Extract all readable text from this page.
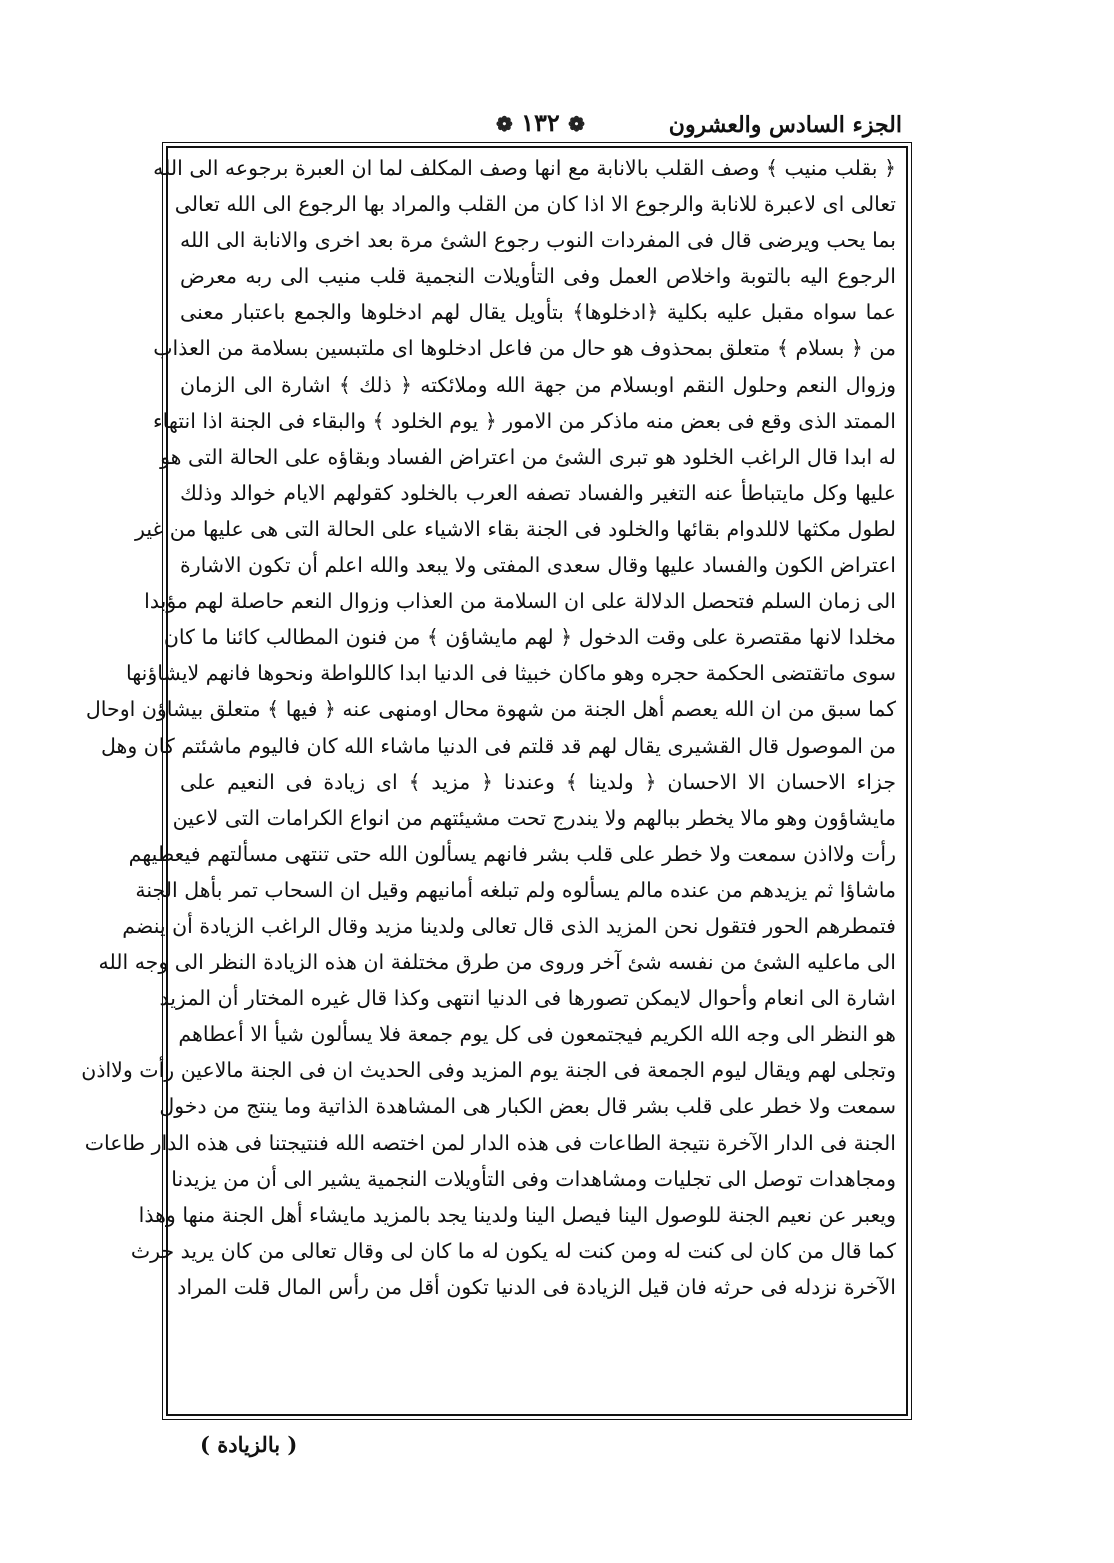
الجزء السادس والعشرون
❁ ١٣٢ ❁
﴿ بقلب منيب ﴾ وصف القلب بالانابة مع انها وصف المكلف لما ان العبرة برجوعه الى الله
تعالى اى لاعبرة للانابة والرجوع الا اذا كان من القلب والمراد بها الرجوع الى الله تعالى
بما يحب ويرضى قال فى المفردات النوب رجوع الشئ مرة بعد اخرى والانابة الى الله
الرجوع اليه بالتوبة واخلاص العمل وفى التأويلات النجمية قلب منيب الى ربه معرض
عما سواه مقبل عليه بكلية ﴿ادخلوها﴾ بتأويل يقال لهم ادخلوها والجمع باعتبار معنى
من ﴿ بسلام ﴾ متعلق بمحذوف هو حال من فاعل ادخلوها اى ملتبسين بسلامة من العذاب
وزوال النعم وحلول النقم اوبسلام من جهة الله وملائكته ﴿ ذلك ﴾ اشارة الى الزمان
الممتد الذى وقع فى بعض منه ماذكر من الامور ﴿ يوم الخلود ﴾ والبقاء فى الجنة اذا انتهاء
له ابدا قال الراغب الخلود هو تبرى الشئ من اعتراض الفساد وبقاؤه على الحالة التى هو
عليها وكل مايتباطأ عنه التغير والفساد تصفه العرب بالخلود كقولهم الايام خوالد وذلك
لطول مكثها لاللدوام بقائها والخلود فى الجنة بقاء الاشياء على الحالة التى هى عليها من غير
اعتراض الكون والفساد عليها وقال سعدى المفتى ولا يبعد والله اعلم أن تكون الاشارة
الى زمان السلم فتحصل الدلالة على ان السلامة من العذاب وزوال النعم حاصلة لهم مؤبدا
مخلدا لانها مقتصرة على وقت الدخول ﴿ لهم مايشاؤن ﴾ من فنون المطالب كائنا ما كان
سوى ماتقتضى الحكمة حجره وهو ماكان خبيثا فى الدنيا ابدا كاللواطة ونحوها فانهم لايشاؤنها
كما سبق من ان الله يعصم أهل الجنة من شهوة محال اومنهى عنه ﴿ فيها ﴾ متعلق بيشاؤن اوحال
من الموصول قال القشيرى يقال لهم قد قلتم فى الدنيا ماشاء الله كان فاليوم ماشئتم كان وهل
جزاء الاحسان الا الاحسان ﴿ ولدينا ﴾ وعندنا ﴿ مزيد ﴾ اى زيادة فى النعيم على
مايشاؤون وهو مالا يخطر ببالهم ولا يندرج تحت مشيئتهم من انواع الكرامات التى لاعين
رأت ولااذن سمعت ولا خطر على قلب بشر فانهم يسألون الله حتى تنتهى مسألتهم فيعطيهم
ماشاؤا ثم يزيدهم من عنده مالم يسألوه ولم تبلغه أمانيهم وقيل ان السحاب تمر بأهل الجنة
فتمطرهم الحور فتقول نحن المزيد الذى قال تعالى ولدينا مزيد وقال الراغب الزيادة أن ينضم
الى ماعليه الشئ من نفسه شئ آخر وروى من طرق مختلفة ان هذه الزيادة النظر الى وجه الله
اشارة الى انعام وأحوال لايمكن تصورها فى الدنيا انتهى وكذا قال غيره المختار أن المزيد
هو النظر الى وجه الله الكريم فيجتمعون فى كل يوم جمعة فلا يسألون شيأ الا أعطاهم
وتجلى لهم ويقال ليوم الجمعة فى الجنة يوم المزيد وفى الحديث ان فى الجنة مالاعين رأت ولااذن
سمعت ولا خطر على قلب بشر قال بعض الكبار هى المشاهدة الذاتية وما ينتج من دخول
الجنة فى الدار الآخرة نتيجة الطاعات فى هذه الدار لمن اختصه الله فنتيجتنا فى هذه الدار طاعات
ومجاهدات توصل الى تجليات ومشاهدات وفى التأويلات النجمية يشير الى أن من يزيدنا
ويعبر عن نعيم الجنة للوصول الينا فيصل الينا ولدينا يجد بالمزيد مايشاء أهل الجنة منها وهذا
كما قال من كان لى كنت له ومن كنت له يكون له ما كان لى وقال تعالى من كان يريد حرث
الآخرة نزدله فى حرثه فان قيل الزيادة فى الدنيا تكون أقل من رأس المال قلت المراد
( بالزيادة )
